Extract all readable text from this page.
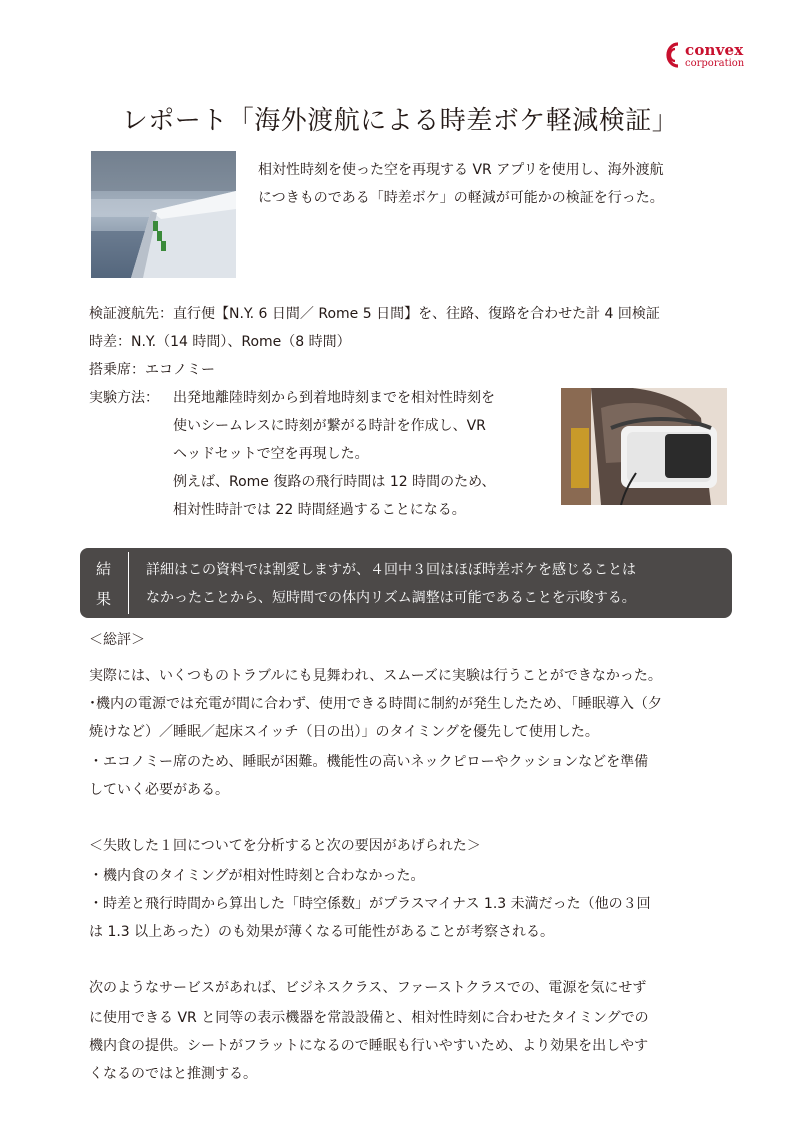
convex
corporation
レポート「海外渡航による時差ボケ軽減検証」
相対性時刻を使った空を再現する VR アプリを使用し、海外渡航
につきものである「時差ボケ」の軽減が可能かの検証を行った。
検証渡航先：直行便【N.Y. 6 日間／ Rome 5 日間】を、往路、復路を合わせた計 4 回検証
時差：N.Y.（14 時間）、Rome（8 時間）
搭乗席：エコノミー
実験方法： 出発地離陸時刻から到着地時刻までを相対性時刻を
使いシームレスに時刻が繋がる時計を作成し、VR
ヘッドセットで空を再現した。
例えば、Rome 復路の飛行時間は 12 時間のため、
相対性時計では 22 時間経過することになる。
結
果
詳細はこの資料では割愛しますが、４回中３回はほぼ時差ボケを感じることは
なかったことから、短時間での体内リズム調整は可能であることを示唆する。
＜総評＞
実際には、いくつものトラブルにも見舞われ、スムーズに実験は行うことができなかった。
･機内の電源では充電が間に合わず、使用できる時間に制約が発生したため､「睡眠導入（夕
焼けなど）／睡眠／起床スイッチ（日の出）」のタイミングを優先して使用した。
・エコノミー席のため、睡眠が困難。機能性の高いネックピローやクッションなどを準備
していく必要がある。
＜失敗した１回についてを分析すると次の要因があげられた＞
・機内食のタイミングが相対性時刻と合わなかった。
・時差と飛行時間から算出した「時空係数」がプラスマイナス 1.3 未満だった（他の３回
は 1.3 以上あった）のも効果が薄くなる可能性があることが考察される。
次のようなサービスがあれば、ビジネスクラス、ファーストクラスでの、電源を気にせず
に使用できる VR と同等の表示機器を常設設備と、相対性時刻に合わせたタイミングでの
機内食の提供。シートがフラットになるので睡眠も行いやすいため、より効果を出しやす
くなるのではと推測する。
